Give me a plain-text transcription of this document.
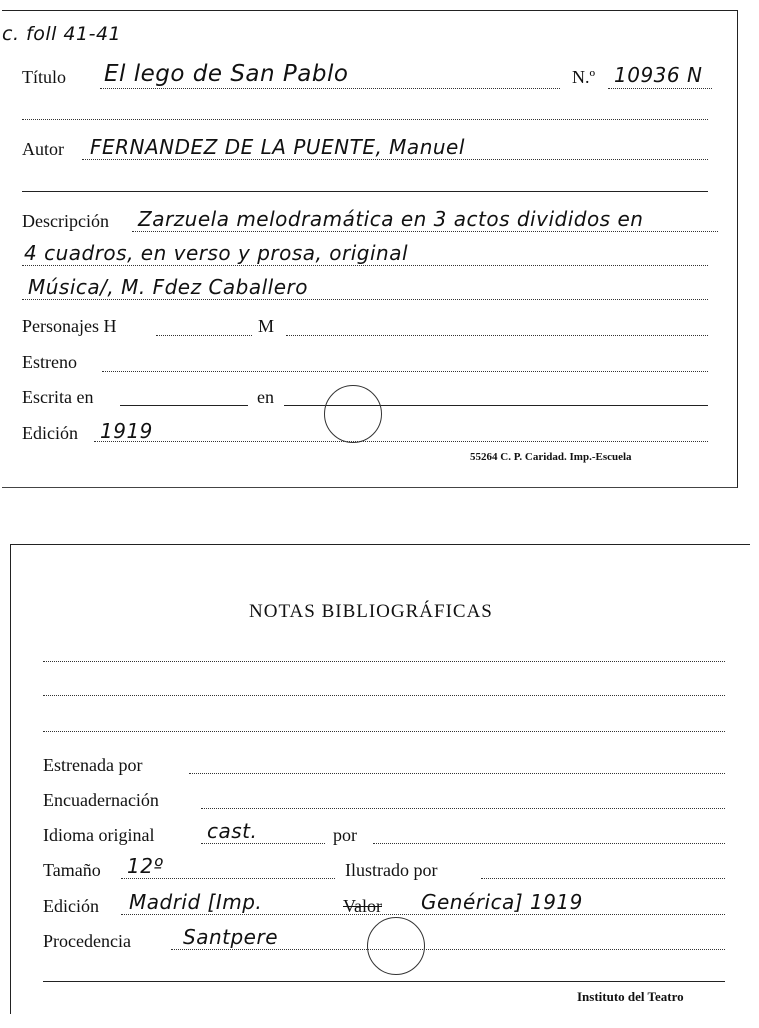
c. foll 41-41
Título El lego de San Pablo	N.º 10936 N
Autor FERNANDEZ DE LA PUENTE, Manuel
Descripción Zarzuela melodramática en 3 actos divididos en
4 cuadros, en verso y prosa, original
Música/, M. Fdez Caballero
Personajes H	M
Estreno
Escrita en	en
Edición 1919
55264 C. P. Caridad. Imp.-Escuela
NOTAS BIBLIOGRÁFICAS
Estrenada por
Encuadernación
Idioma original	cast.	por
Tamaño 12º	Ilustrado por
Edición Madrid [Imp.	Valor Genérica] 1919
Procedencia	Santpere
Instituto del Teatro
